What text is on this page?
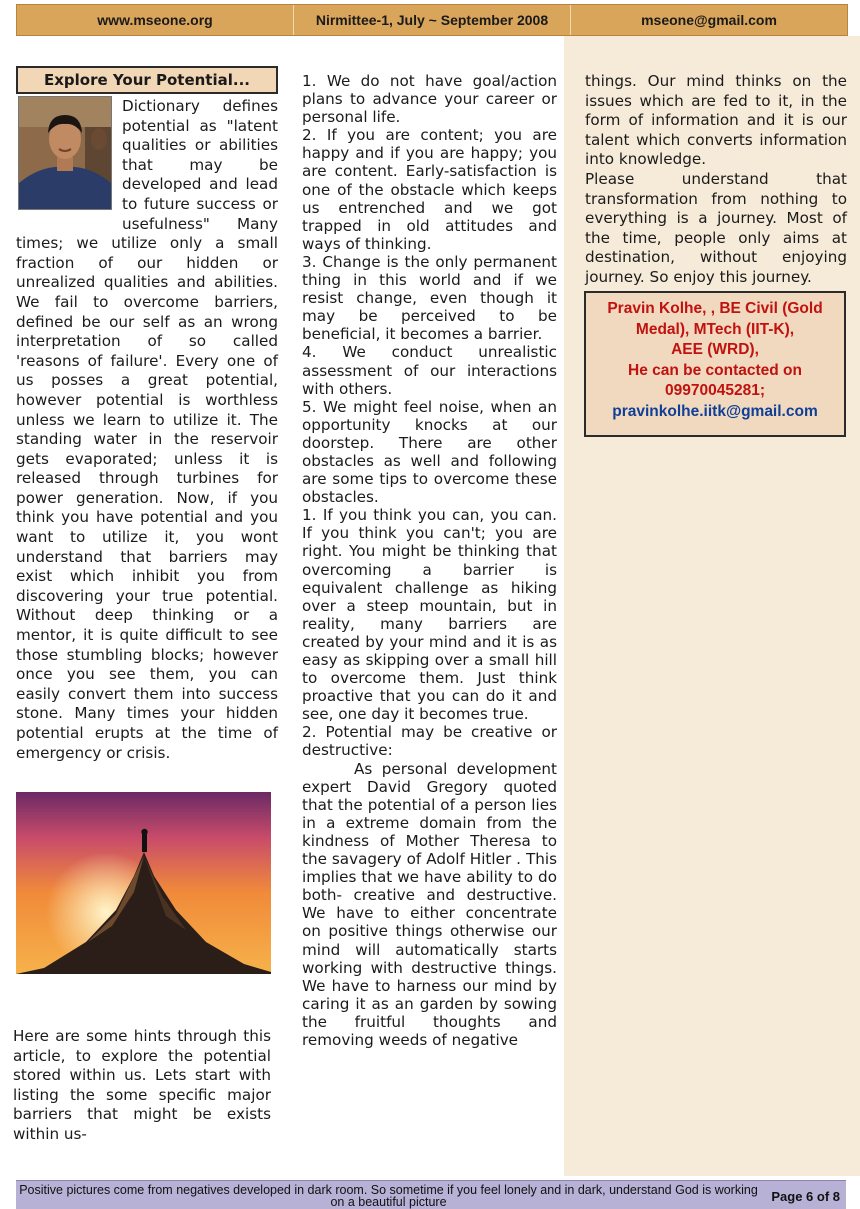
www.mseone.org	Nirmittee-1, July ~ September 2008	mseone@gmail.com
Explore Your Potential...

Dictionary defines potential as "latent qualities or abilities that may be developed and lead to future success or usefulness" Many times; we utilize only a small fraction of our hidden or unrealized qualities and abilities. We fail to overcome barriers, defined be our self as an wrong interpretation of so called 'reasons of failure'. Every one of us posses a great potential, however potential is worthless unless we learn to utilize it. The standing water in the reservoir gets evaporated; unless it is released through turbines for power generation. Now, if you think you have potential and you want to utilize it, you wont understand that barriers may exist which inhibit you from discovering your true potential. Without deep thinking or a mentor, it is quite difficult to see those stumbling blocks; however once you see them, you can easily convert them into success stone. Many times your hidden potential erupts at the time of emergency or crisis.

Here are some hints through this article, to explore the potential stored within us. Lets start with listing the some specific major barriers that might be exists within us-

1. We do not have goal/action plans to advance your career or personal life.

2. If you are content; you are happy and if you are happy; you are content. Early-satisfaction is one of the obstacle which keeps us entrenched and we got trapped in old attitudes and ways of thinking.

3. Change is the only permanent thing in this world and if we resist change, even though it may be perceived to be beneficial, it becomes a barrier.

4. We conduct unrealistic assessment of our interactions with others.

5. We might feel noise, when an opportunity knocks at our doorstep. There are other obstacles as well and following are some tips to overcome these obstacles.

1. If you think you can, you can. If you think you can't; you are right. You might be thinking that overcoming a barrier is equivalent challenge as hiking over a steep mountain, but in reality, many barriers are created by your mind and it is as easy as skipping over a small hill to overcome them. Just think proactive that you can do it and see, one day it becomes true.

2. Potential may be creative or destructive:

As personal development expert David Gregory quoted that the potential of a person lies in a extreme domain from the kindness of Mother Theresa to the savagery of Adolf Hitler . This implies that we have ability to do both- creative and destructive. We have to either concentrate on positive things otherwise our mind will automatically starts working with destructive things. We have to harness our mind by caring it as an garden by sowing the fruitful thoughts and removing weeds of negative

things. Our mind thinks on the issues which are fed to it, in the form of information and it is our talent which converts information into knowledge.

Please understand that transformation from nothing to everything is a journey. Most of the time, people only aims at destination, without enjoying journey. So enjoy this journey.

Pravin Kolhe, , BE Civil (Gold Medal), MTech (IIT-K),
AEE (WRD),
He can be contacted on 09970045281;
pravinkolhe.iitk@gmail.com
Positive pictures come from negatives developed in dark room. So sometime if you feel lonely and in dark, understand God is working on a beautiful picture	Page 6 of 8
